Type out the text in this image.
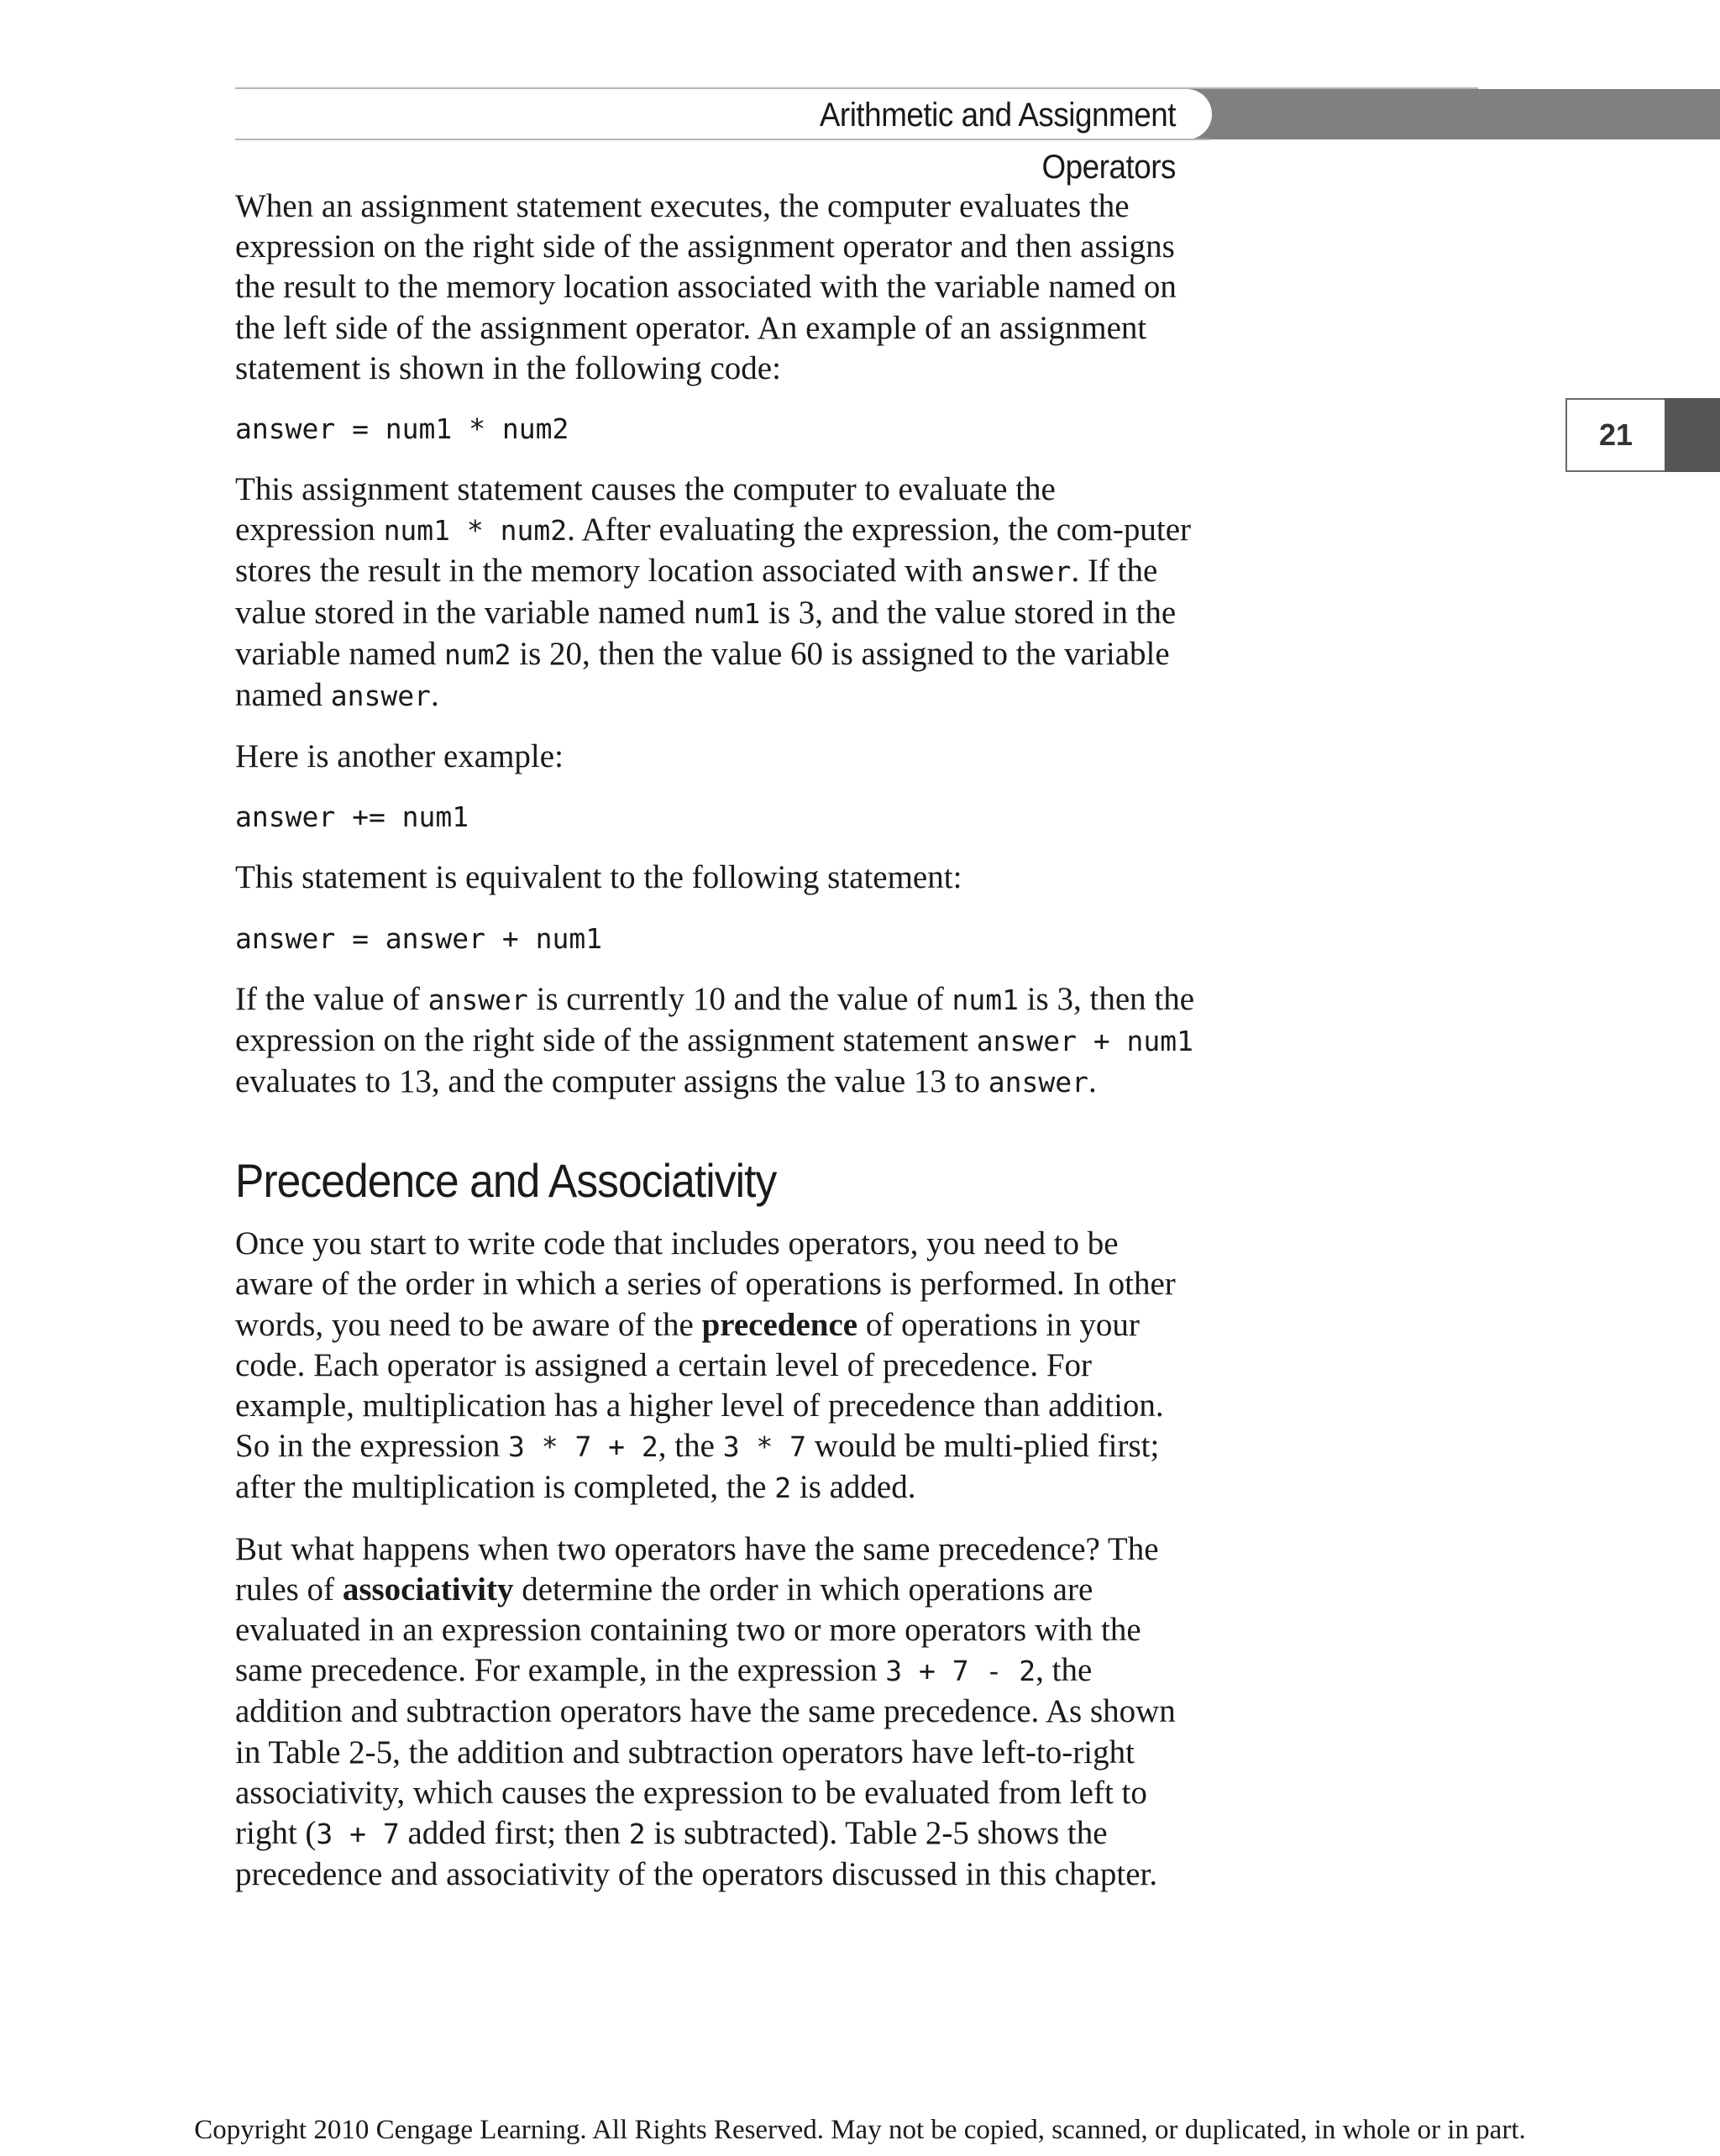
Arithmetic and Assignment Operators
21

When an assignment statement executes, the computer evaluates the expression on the right side of the assignment operator and then assigns the result to the memory location associated with the variable named on the left side of the assignment operator. An example of an assignment statement is shown in the following code:

answer = num1 * num2

This assignment statement causes the computer to evaluate the expression num1 * num2. After evaluating the expression, the com-puter stores the result in the memory location associated with answer. If the value stored in the variable named num1 is 3, and the value stored in the variable named num2 is 20, then the value 60 is assigned to the variable named answer.

Here is another example:

answer += num1

This statement is equivalent to the following statement:

answer = answer + num1

If the value of answer is currently 10 and the value of num1 is 3, then the expression on the right side of the assignment statement answer + num1 evaluates to 13, and the computer assigns the value 13 to answer.

Precedence and Associativity

Once you start to write code that includes operators, you need to be aware of the order in which a series of operations is performed. In other words, you need to be aware of the precedence of operations in your code. Each operator is assigned a certain level of precedence. For example, multiplication has a higher level of precedence than addition. So in the expression 3 * 7 + 2, the 3 * 7 would be multi-plied first; after the multiplication is completed, the 2 is added.

But what happens when two operators have the same precedence? The rules of associativity determine the order in which operations are evaluated in an expression containing two or more operators with the same precedence. For example, in the expression 3 + 7 - 2, the addition and subtraction operators have the same precedence. As shown in Table 2-5, the addition and subtraction operators have left-to-right associativity, which causes the expression to be evaluated from left to right (3 + 7 added first; then 2 is subtracted). Table 2-5 shows the precedence and associativity of the operators discussed in this chapter.

Copyright 2010 Cengage Learning. All Rights Reserved. May not be copied, scanned, or duplicated, in whole or in part.
